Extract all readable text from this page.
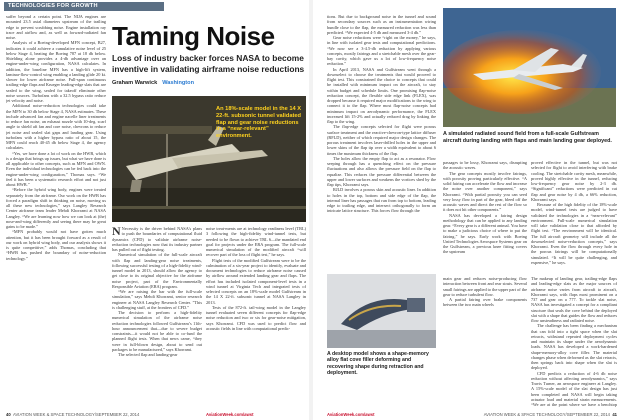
TECHNOLOGIES FOR GROWTH

suffer beyond a certain point. The NIJA engines are mounted 23.5 axial diameters upstream of the trailing edge to prevent scrubbing noise. Engine installation ray trace and airflow and, as well as forward-radiated fan noise.

Analysis of a Boeing-developed MFN concept, B27, indicates it could achieve a cumulative noise level of 25 below Stage 4, beating the Boeing 787 at 18 db below. Shielding alone provides a 4-db advantage over an engine-under-wing configuration, NASA calculates. In addition, the baseline MFN has a high-lift system, laminar-flow-control wing enabling a landing glide 20 kt. slower for lower airframe noise. Full-span continuous trailing-edge flaps and Krueger leading-edge slats that are sealed to the wing, sealed for takeoff eliminate other noise sources. Turbofans with a 32.5 bypass ratio reduce jet velocity and noise.

Additional noise-reduction technologies could take the MFN to 30 db below Stage 4, NASA estimates. These include advanced fan and engine nacelle liner treatments to reduce fan noise, an exhaust nozzle with 10-deg. scarf angle to shield aft fan and core noise, chevrons to reduce jet noise and sealed slat gaps and landing gear. Using turbofans with a higher bypass ratio of about 15, the MFN could reach 40-45 db below Stage 4, the agency calculates.

“Yes, we have done a lot of work on the HWB, which is a design that brings up issues, but what we have done is all applicable to other concepts, such as MFN and OWN. Even the individual technologies can be fed back into the engine-under-wing configuration,” Thomas says. “We feel it has been a systematic research effort and not just about HWB.”

“Before the hybrid wing body, engines were treated separately from the airframe. Our work on the HWB has forced a paradigm shift in thinking on noise, moving us all these new technologies,” says Langley Research Center airframe team leader Mehdi Khorrami at NASA Langley. “We are learning now how we can look at (the) nose-and-wing differently and seeing there may be great gains to be made.”

“MFN probably would not have gotten much attention, but it has been brought forward as a result of our work on hybrid wing body, and our analysis shows it is quite competitive,” adds Thomas, concluding that “HWB has pushed the boundary of noise-reduction technology.”

Taming Noise
Loss of industry backer forces NASA to become inventive in validating airframe noise reductions
Graham Warwick Washington
An 18%-scale model in the 14 X 22-ft. subsonic tunnel validated flap and gear noise reductions in a “near-relevant” environment.

N Necessity is the driver behind NASA’s plans to push the boundaries of computational fluid dynamics (CFD) to validate airframe noise-reduction technologies now that its industry partner has pulled out of flight testing.

Numerical simulation of the full-scale aircraft with flap and landing-gear noise treatments, following successful testing of a high-fidelity wind-tunnel model in 2013, should allow the agency to get close to its original objective for the airframe noise project, part of the Environmentally Responsible Aviation (ERA) program.

“We are raising the bar with the full-scale simulation,” says Mehdi Khorrami, senior research engineer at NASA Langley Research Center. ”This is challenging stuff, at the frontiers of CFD.”

The decision to perform a high-fidelity numerical simulation of the airframe noise reduction technologies followed Gulfstream’s 11th-hour announcement that—due to severe budget constraints—it would not be able to co-fund the planned flight tests. When that news came, “they were in full-blown design, about to send out packages to be manufactured,” says Khorrami.

The selected flap and landing-gear

noise treat-ments are at technology readiness level (TRL) 3 following the high-fidelity wind-tunnel tests, but needed to be flown to achieve TRL 6—the mandated end goal for projects under the ERA program. The full-scale numerical simulation of the modified aircraft “will recover part of the loss of flight test,” he says.

Flight tests of the modified Gulfstream were to be the culmination of a six-year project to identify, evaluate and document technologies to reduce airframe noise caused by airflow around extended landing gear and flaps. The effort has included isolated component-level tests in a wind tunnel at Virginia Tech and integrated tests of selected concepts on an 18%-scale model Gulfstream in the 14 X 22-ft. subsonic tunnel at NASA Langley in 2013.

Tests of the 872-ft. tail-wing model in the Langley tunnel evaluated seven different concepts for flap-edge noise reduction and two or six for gear-noise mitigation, says Khorrami. CFD was used to predict flow and acoustic fields in line with computational predic-

tions. But due to background noise in the tunnel and sound from secondary sources such as an instrumentation wiring bundle close to the flap, the measured reduction was less than predicted. “We expected 4-5 db and measured 3-4 db.”

Gear noise reductions were “right on the money,” he says, in line with isolated gear tests and computational predictions. “We now see a 3-4.5-db reduction by applying various concepts, mostly fairings and a stretchable mesh over the gear-bay cavity, which gave us a lot of low-frequency noise reduction.”

In April 2013, NASA and Gulfstream went through a downselect to choose the treatments that would proceed to flight test. This constrained the choice to concepts that could be installed with minimum impact on the aircraft, to stay within budget and schedule limits. One promising flap-noise reduction concept, the flexible side edge link (FLEX), was dropped because it required major modifications to the wing to connect it to the flap. Where most flap-noise concepts had minimum impact on aerodynamic performance, the FLEX increased lift 15-2% and actually reduced drag by linking the flap to the wing.

The flap-edge concepts selected for flight were porous surface treatment and the reactive-chevron-type lattice diffuser (RFLD), neither of which required major design changes. The porous treatment involves laser-drilled holes in the upper and lower skins of the flap tip over a width equivalent to about 6 times the maximum thickness of the flap.

The holes allow the empty flap to act as a resonator. Flow seeping through has a quenching effect on the pressure fluctuations and also allows the pressure field on the flap to equalize. This reduces the pressure differential between the upper and lower surfaces and weakens the vortices shed by the flap tips, Khorrami says.

RJLD involves a porous skin and acoustic liner. In addition to holes in the top, bottom and side edge of the flap, the internal liner has passages that run from top to bottom, leading edge to trailing edge, and intersect orthogonally to form an intricate lattice structure. This forces flow through the

A simulated radiated sound field from a full-scale Gulfstream aircraft during landing with flaps and main landing gear deployed.

passages to be lossy, Khorrami says, disrupting the acoustic waves.

The gear concepts mostly involve fairings, with porosity proving particularly effective. “A solid fairing can accelerate the flow and increase the noise over another component,” says Khorrami. “With partial porosity you can seed very lossy flow in part of the gear, bleed off the acoustic waves and direct the rest of the flow so it does not hit other components.”

NASA has developed a fairing design methodology that can be applied to any landing gear. “Every gear is a different animal. You have to make a judicious choice of where to put the fairing,” he says. Early work with Boeing United Technologies Aerospace Systems gear on the Gulfstream, a previous knee fitting covers the upstream

A desktop model shows a shape-memory alloy flat cove filler deforming and recovering shape during retraction and deployment.

main gear and reduces noise-producing flow interaction between front and rear struts. Several small fairings are applied to the upper part of the gear to reduce turbulent flow.

A partial fairing over brake components between the two main wheels

proved effective in the tunnel, but was not selected for flight to avoid interfering with brake cooling. The stretchable cavity mesh, meanwhile, proved highly effective in the tunnel, reducing low-frequency gear noise by 2-3 db. “Significant” reductions were predicted in cut flap and gear noise by 4 db, a 66% reduction, Khorrami says.

Because of the high fidelity of the 18%-scale model, wind-tunnel tests are judged to have validated the technologies in a “near-relevant” environment. Full-scale numerical simulation will take validation close to that afforded by flight test. “The environment will be identical. The full aircraft geometry will include all the downselected noise-reduction concepts,” says Khorrami. Even the flow through every hole in the porous fairings will be computationally simulated. “It will be quite challenging, and expensive,” he says.

The makeup of landing gear, trailing-edge flaps and leading-edge slats as the major sources of airframe noise varies from aircraft to aircraft, Khorrami says, with flaps most prominent on a 737 and gear on a 777. To tackle slat noise, NASA has investigated a concept for a compliant structure that seals the cove behind the deployed slat with a shape that guides the flow and reduces flow unsteadiness and radiated noise.

The challenge has been finding a mechanism that can fold into a tight space when the slat retracts, withstand repeated deployment cycles and maintain its shape under the aerodynamic loads. NASA has developed a work-hardened shape-memory-alloy cove filler. The material changes phase when deformed as the slat retracts, then springs back into shape when the slat is deployed.

CFD predicts a reduction of 4-6 db noise reduction without affecting aerodynamics,” says Travis Turner, an aerospace engineer at Langley. A 15%-scale model of the slat design has just been completed and NASA will begin taking actuator load and material strain measurements. “We are at the point where we have a benchtop

40 AVIATION WEEK & SPACE TECHNOLOGY/SEPTEMBER 22, 2014	AviationWeek.com/awst	AviationWeek.com/awst	AVIATION WEEK & SPACE TECHNOLOGY/SEPTEMBER 22, 2014 41
